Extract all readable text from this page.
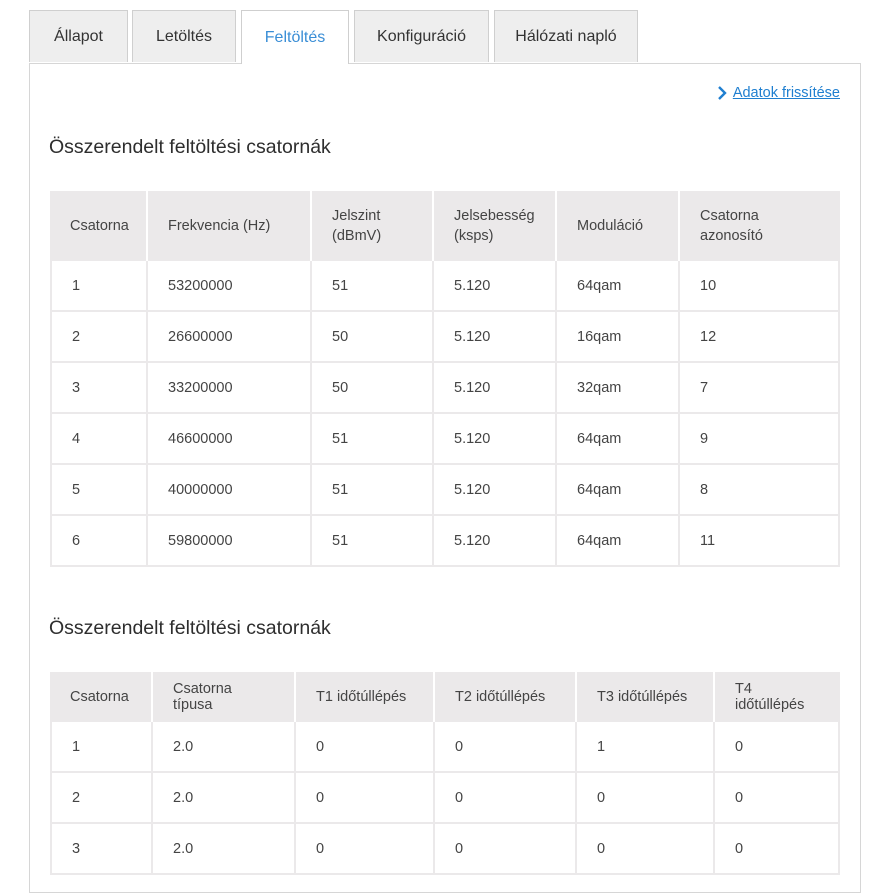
Állapot	Letöltés	Feltöltés	Konfiguráció	Hálózati napló
Adatok frissítése
Összerendelt feltöltési csatornák
Csatorna	Frekvencia (Hz)	Jelszint (dBmV)	Jelsebesség (ksps)	Moduláció	Csatorna azonosító
1	53200000	51	5.120	64qam	10
2	26600000	50	5.120	16qam	12
3	33200000	50	5.120	32qam	7
4	46600000	51	5.120	64qam	9
5	40000000	51	5.120	64qam	8
6	59800000	51	5.120	64qam	11
Összerendelt feltöltési csatornák
Csatorna	Csatorna típusa	T1 időtúllépés	T2 időtúllépés	T3 időtúllépés	T4 időtúllépés
1	2.0	0	0	1	0
2	2.0	0	0	0	0
3	2.0	0	0	0	0
